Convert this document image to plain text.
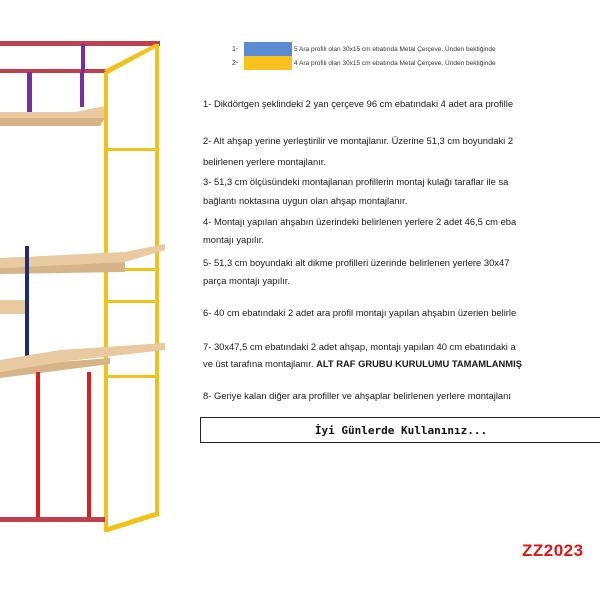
1-	5 Ara profili olan 30x15 cm ebatında Metal Çerçeve. Ünden bektiğinde
2-	4 Ara profili olan 30x15 cm ebatında Metal Çerçeve. Ünden bektiğinde
1- Dikdörtgen şeklindeki 2 yan çerçeve 96 cm ebatındaki 4 adet ara profille
2- Alt ahşap yerine yerleştirilir ve montajlanır. Üzerine 51,3 cm boyundaki 2
belirlenen yerlere montajlanır.
3- 51,3 cm ölçüsündeki montajlanan profillerin montaj kulağı taraflar ile sa
bağlantı noktasına uygun olan ahşap montajlanır.
4- Montajı yapılan ahşabın üzerindeki belirlenen yerlere 2 adet 46,5 cm eba
montajı yapılır.
5- 51,3 cm boyundaki alt dikme profilleri üzerinde belirlenen yerlere 30x47
parça montajı yapılır.
6- 40 cm ebatındaki 2 adet ara profil montajı yapılan ahşabın üzerien belirle
7- 30x47,5 cm ebatındaki 2 adet ahşap, montajı yapılan 40 cm ebatındaki a
ve üst tarafına montajlanır. ALT RAF GRUBU KURULUMU TAMAMLANMIŞ
8- Geriye kalan diğer ara profiller ve ahşaplar belirlenen yerlere montajlanı
İyi Günlerde Kullanınız...
ZZ2023
